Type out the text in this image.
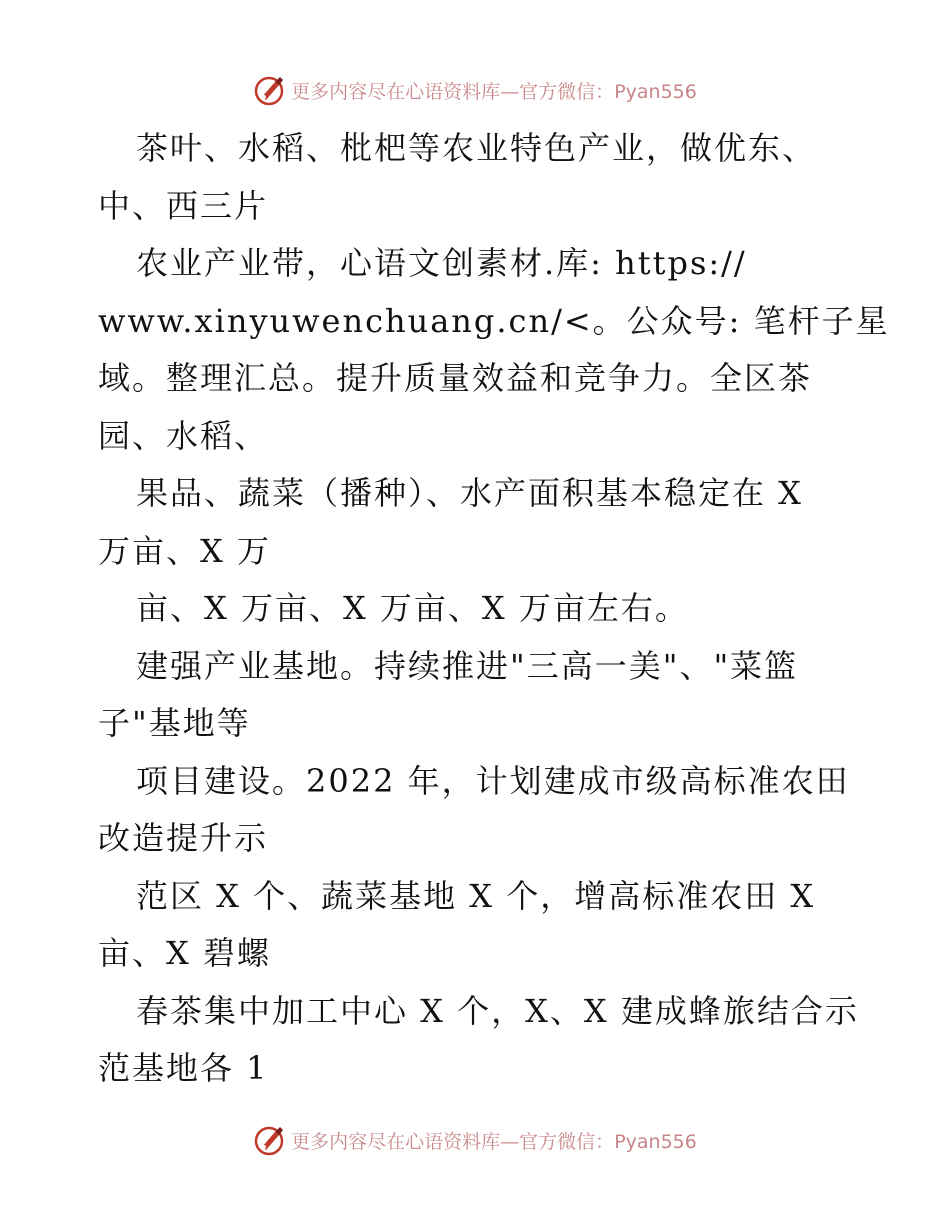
更多内容尽在心语资料库—官方微信：Pyan556
茶叶、水稻、枇杷等农业特色产业，做优东、
中、西三片
农业产业带，心语文创素材.库: https://
www.xinyuwenchuang.cn/<。公众号: 笔杆子星
域。整理汇总。提升质量效益和竞争力。全区茶
园、水稻、
果品、蔬菜（播种）、水产面积基本稳定在 X
万亩、X 万
亩、X 万亩、X 万亩、X 万亩左右。
建强产业基地。持续推进"三高一美"、"菜篮
子"基地等
项目建设。2022 年，计划建成市级高标准农田
改造提升示
范区 X 个、蔬菜基地 X 个，增高标准农田 X
亩、X 碧螺
春茶集中加工中心 X 个，X、X 建成蜂旅结合示
范基地各 1
更多内容尽在心语资料库—官方微信：Pyan556
